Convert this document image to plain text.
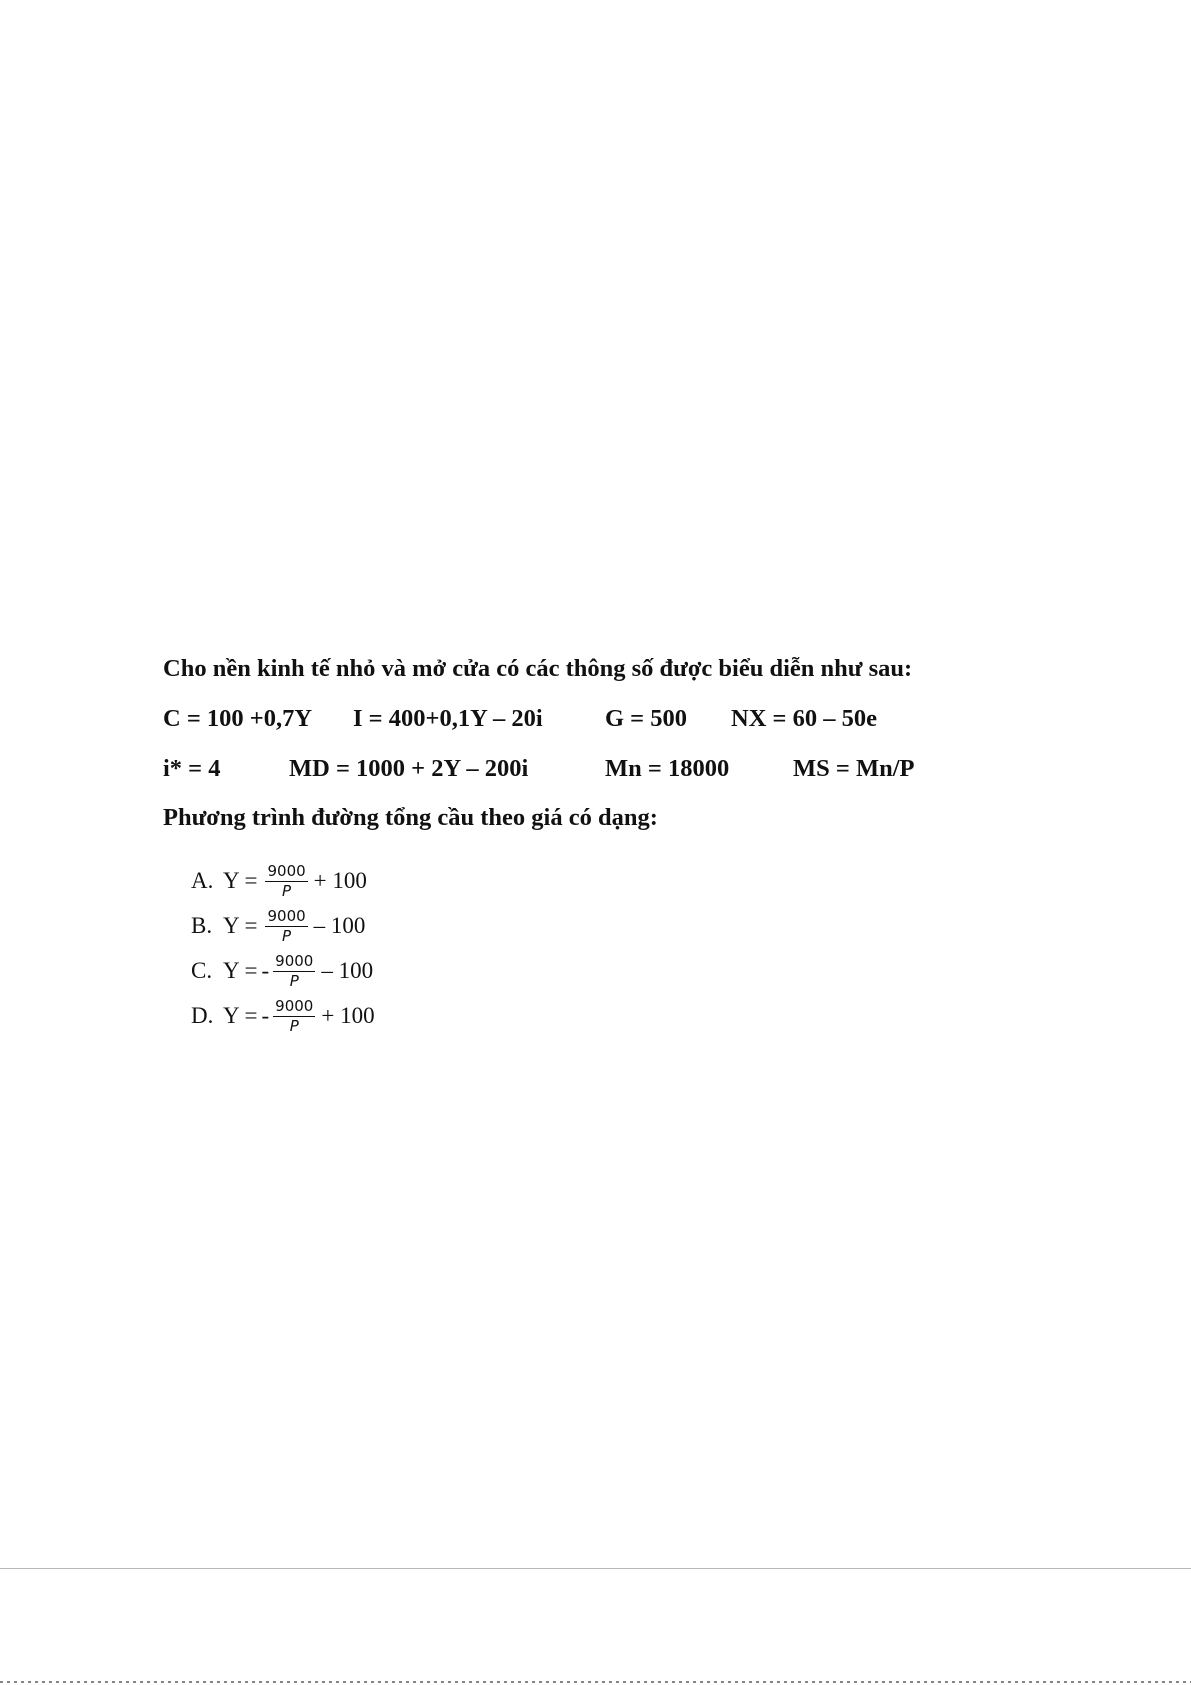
Cho nền kinh tế nhỏ và mở cửa có các thông số được biểu diễn như sau:
C = 100 +0,7Y I = 400+0,1Y – 20i	G = 500 NX = 60 – 50e
i* = 4	MD = 1000 + 2Y – 200i	Mn = 18000	MS = Mn/P
Phương trình đường tổng cầu theo giá có dạng:
A. $Y = \frac{9000}{P} + 100$
B. $Y = \frac{9000}{P} - 100$
C. Y = - $\frac{9000}{P} - 100$
D. Y = - $\frac{9000}{P} + 100$
